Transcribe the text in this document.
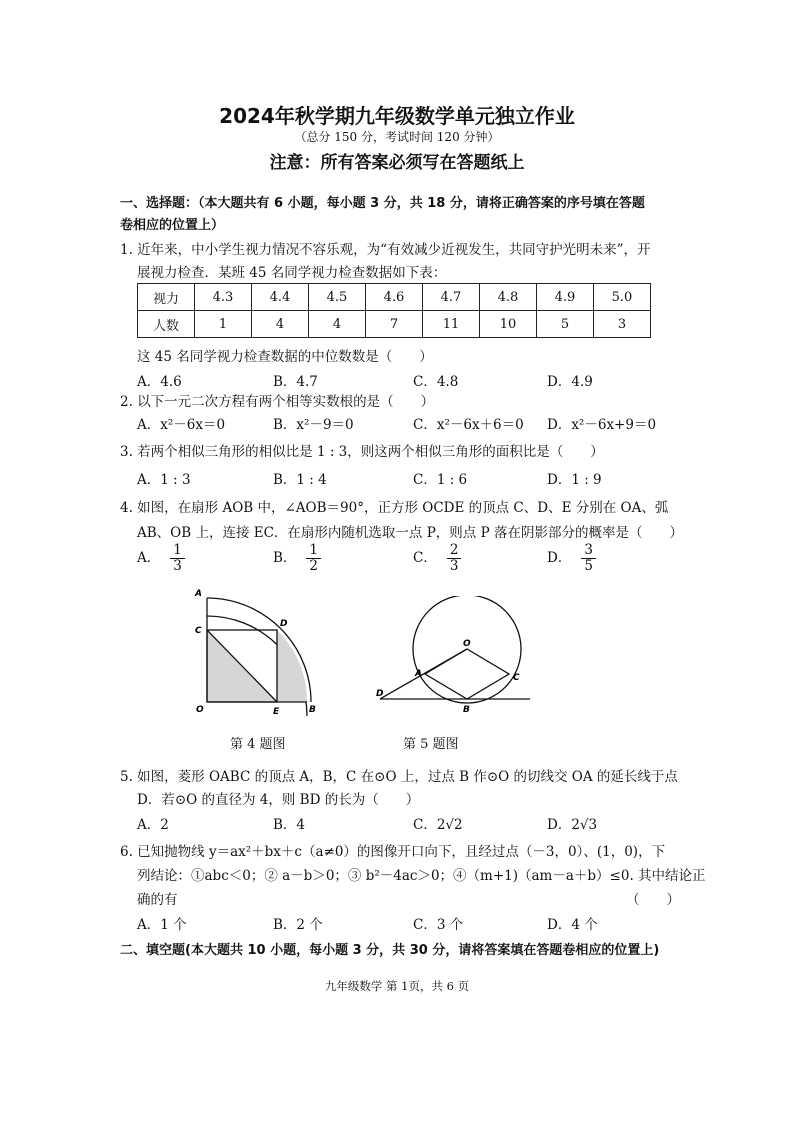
2024年秋学期九年级数学单元独立作业
（总分 150 分，考试时间 120 分钟）
注意：所有答案必须写在答题纸上
一、选择题：（本大题共有 6 小题，每小题 3 分，共 18 分，请将正确答案的序号填在答题
卷相应的位置上）
1. 近年来，中小学生视力情况不容乐观，为“有效减少近视发生，共同守护光明未来”，开
展视力检查．某班 45 名同学视力检查数据如下表：
视力	4.3	4.4	4.5	4.6	4.7	4.8	4.9	5.0
人数	1	4	4	7	11	10	5	3
这 45 名同学视力检查数据的中位数数是（　　）
A．4.6	B．4.7	C．4.8	D．4.9
2. 以下一元二次方程有两个相等实数根的是（　　）
A．x²－6x＝0	B．x²－9＝0	C．x²－6x＋6＝0 D．x²－6x+9＝0
3. 若两个相似三角形的相似比是 1 : 3，则这两个相似三角形的面积比是（　　）
A．1 : 3	B．1 : 4	C．1 : 6	D．1 : 9
4. 如图，在扇形 AOB 中，∠AOB＝90°，正方形 OCDE 的顶点 C、D、E 分别在 OA、弧
AB、OB 上，连接 EC．在扇形内随机选取一点 P，则点 P 落在阴影部分的概率是（　　）
A． $\frac{1}{3}$	B． $\frac{1}{2}$	C． $\frac{2}{3}$	D． $\frac{3}{5}$
A
C
D
O	E	B
第 4 题图
O
A	C
D
B
第 5 题图
5. 如图，菱形 OABC 的顶点 A，B，C 在⊙O 上，过点 B 作⊙O 的切线交 OA 的延长线于点
D．若⊙O 的直径为 4，则 BD 的长为（　　）
A．2	B．4	C．2√2	D．2√3
6. 已知抛物线 y＝ax²＋bx＋c（a≠0）的图像开口向下，且经过点（－3，0）、(1，0)，下
列结论：①abc＜0；② a－b＞0；③ b²－4ac＞0；④（m+1)（am－a＋b）≤0. 其中结论正
确的有	（　　）
A．1 个	B．2 个	C．3 个	D．4 个
二、填空题(本大题共 10 小题，每小题 3 分，共 30 分，请将答案填在答题卷相应的位置上)
九年级数学 第 1页，共 6 页
